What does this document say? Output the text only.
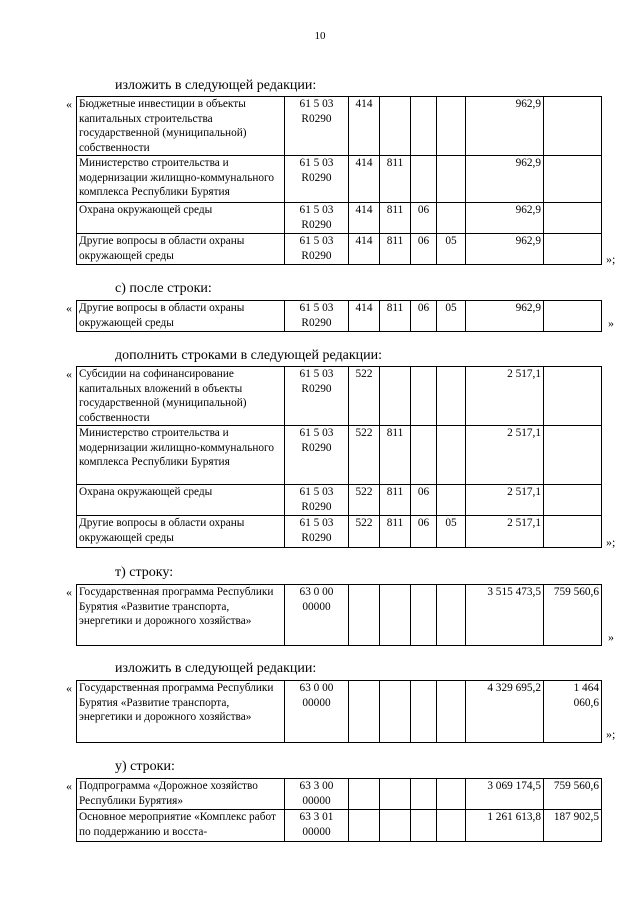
10
изложить в следующей редакции:
« Бюджетные инвестиции в объекты капитальных строительства государственной (муниципальной) собственности	61 5 03 R0290	414				962,9	
Министерство строительства и модернизации жилищно-коммунального комплекса Республики Бурятия	61 5 03 R0290	414	811			962,9	
Охрана окружающей среды	61 5 03 R0290	414	811	06		962,9	
Другие вопросы в области охраны окружающей среды	61 5 03 R0290	414	811	06	05	962,9	
»;
с) после строки:
« Другие вопросы в области охраны окружающей среды	61 5 03 R0290	414	811	06	05	962,9	
»
дополнить строками в следующей редакции:
« Субсидии на софинансирование капитальных вложений в объекты государственной (муниципальной) собственности	61 5 03 R0290	522				2 517,1	
Министерство строительства и модернизации жилищно-коммунального комплекса Республики Бурятия	61 5 03 R0290	522	811			2 517,1	
Охрана окружающей среды	61 5 03 R0290	522	811	06		2 517,1	
Другие вопросы в области охраны окружающей среды	61 5 03 R0290	522	811	06	05	2 517,1	
»;
т) строку:
« Государственная программа Республики Бурятия «Развитие транспорта, энергетики и дорожного хозяйства»	63 0 00 00000					3 515 473,5	759 560,6
»
изложить в следующей редакции:
« Государственная программа Республики Бурятия «Развитие транспорта, энергетики и дорожного хозяйства»	63 0 00 00000					4 329 695,2	1 464 060,6
»;
у) строки:
« Подпрограмма «Дорожное хозяйство Республики Бурятия»	63 3 00 00000					3 069 174,5	759 560,6
Основное мероприятие «Комплекс работ по поддержанию и восста-	63 3 01 00000					1 261 613,8	187 902,5
